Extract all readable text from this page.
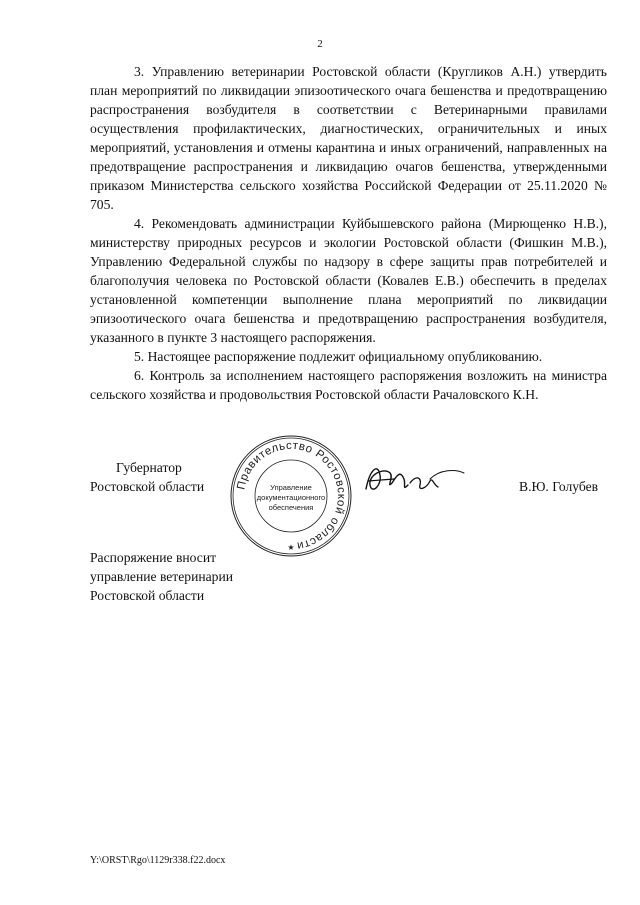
2

3. Управлению ветеринарии Ростовской области (Кругликов А.Н.) утвердить план мероприятий по ликвидации эпизоотического очага бешенства и предотвращению распространения возбудителя в соответствии с Ветеринарными правилами осуществления профилактических, диагностических, ограничительных и иных мероприятий, установления и отмены карантина и иных ограничений, направленных на предотвращение распространения и ликвидацию очагов бешенства, утвержденными приказом Министерства сельского хозяйства Российской Федерации от 25.11.2020 № 705.

4. Рекомендовать администрации Куйбышевского района (Мирющенко Н.В.), министерству природных ресурсов и экологии Ростовской области (Фишкин М.В.), Управлению Федеральной службы по надзору в сфере защиты прав потребителей и благополучия человека по Ростовской области (Ковалев Е.В.) обеспечить в пределах установленной компетенции выполнение плана мероприятий по ликвидации эпизоотического очага бешенства и предотвращению распространения возбудителя, указанного в пункте 3 настоящего распоряжения.

5. Настоящее распоряжение подлежит официальному опубликованию.

6. Контроль за исполнением настоящего распоряжения возложить на министра сельского хозяйства и продовольствия Ростовской области Рачаловского К.Н.

Губернатор
Ростовской области	Правительство Ростовской области
Управление
документационного
обеспечения
★
В.Ю. Голубев
Распоряжение вносит
управление ветеринарии
Ростовской области
Y:\ORST\Rgo\1129r338.f22.docx
